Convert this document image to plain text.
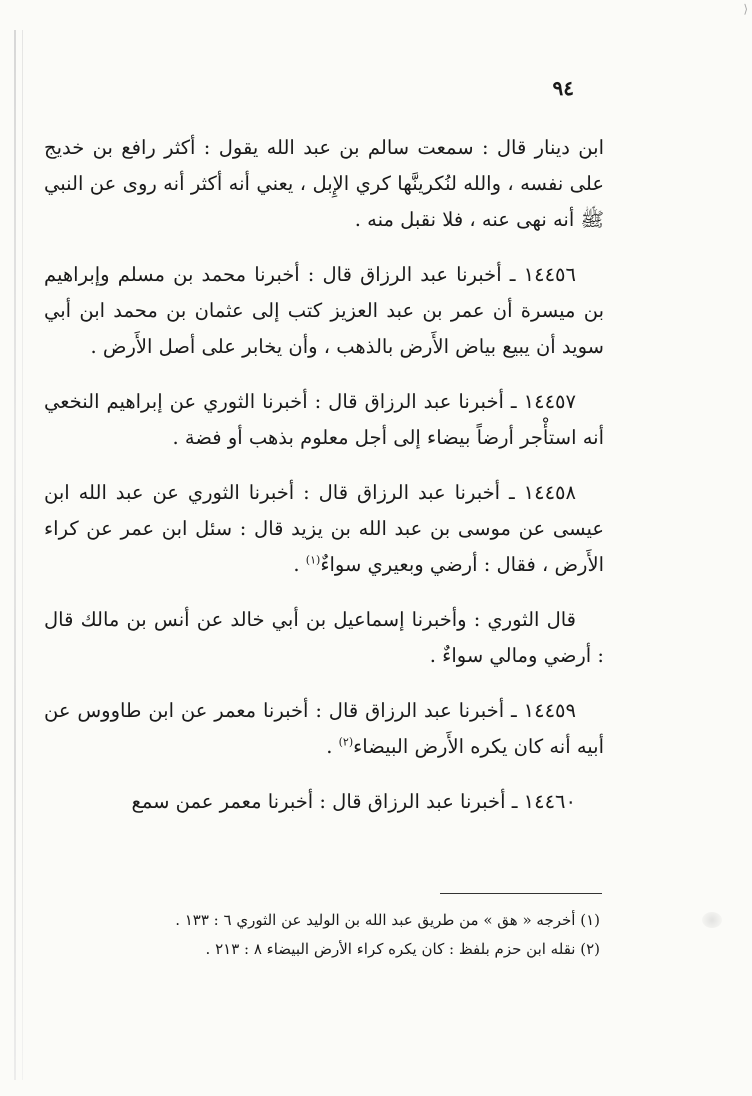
⟩
٩٤

ابن دينار قال : سمعت سالم بن عبد الله يقول : أكثر رافع بن خديج على نفسه ، والله لنُكرينَّها كري الإِبل ، يعني أنه أكثر أنه روى عن النبي ﷺ أنه نهى عنه ، فلا نقبل منه .

١٤٤٥٦ ـ أخبرنا عبد الرزاق قال : أخبرنا محمد بن مسلم وإبراهيم بن ميسرة أن عمر بن عبد العزيز كتب إلى عثمان بن محمد ابن أبي سويد أن يبيع بياض الأَرض بالذهب ، وأن يخابر على أصل الأَرض .

١٤٤٥٧ ـ أخبرنا عبد الرزاق قال : أخبرنا الثوري عن إبراهيم النخعي أنه استأْجر أرضاً بيضاء إلى أجل معلوم بذهب أو فضة .

١٤٤٥٨ ـ أخبرنا عبد الرزاق قال : أخبرنا الثوري عن عبد الله ابن عيسى عن موسى بن عبد الله بن يزيد قال : سئل ابن عمر عن كراء الأَرض ، فقال : أرضي وبعيري سواءٌ$^{(١)}$ .

قال الثوري : وأخبرنا إسماعيل بن أبي خالد عن أنس بن مالك قال : أرضي ومالي سواءٌ .

١٤٤٥٩ ـ أخبرنا عبد الرزاق قال : أخبرنا معمر عن ابن طاووس عن أبيه أنه كان يكره الأَرض البيضاء$^{(٢)}$ .

١٤٤٦٠ ـ أخبرنا عبد الرزاق قال : أخبرنا معمر عمن سمع

(١) أخرجه « هق » من طريق عبد الله بن الوليد عن الثوري ٦ : ١٣٣ .
(٢) نقله ابن حزم بلفظ : كان يكره كراء الأرض البيضاء ٨ : ٢١٣ .
